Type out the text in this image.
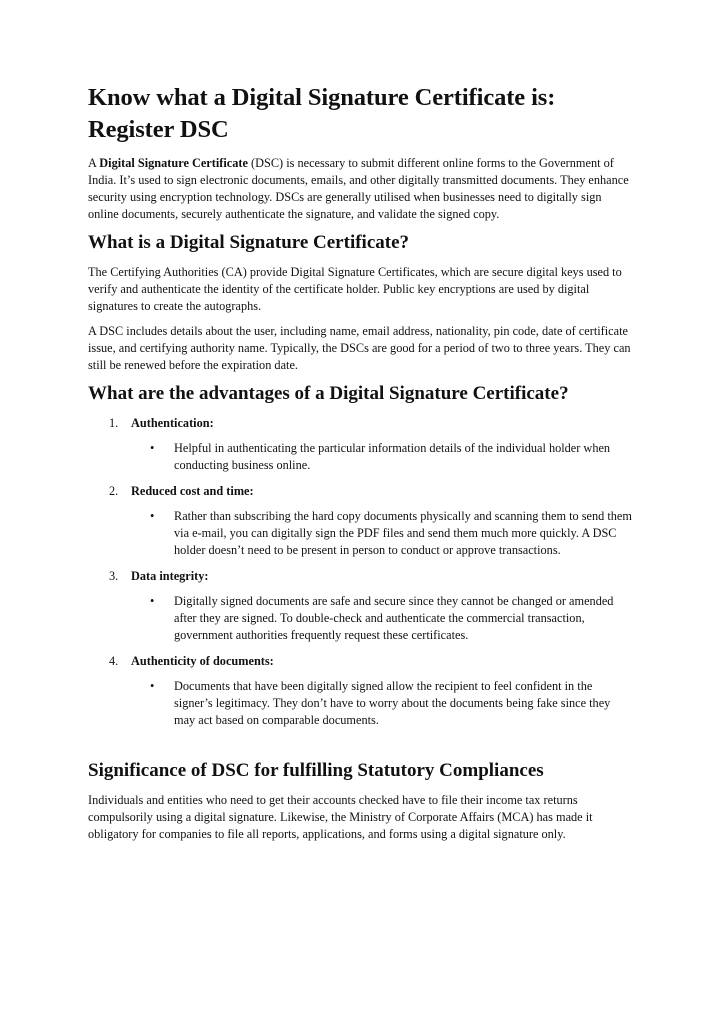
Know what a Digital Signature Certificate is: Register DSC

A Digital Signature Certificate (DSC) is necessary to submit different online forms to the Government of India. It’s used to sign electronic documents, emails, and other digitally transmitted documents. They enhance security using encryption technology. DSCs are generally utilised when businesses need to digitally sign online documents, securely authenticate the signature, and validate the signed copy.

What is a Digital Signature Certificate?

The Certifying Authorities (CA) provide Digital Signature Certificates, which are secure digital keys used to verify and authenticate the identity of the certificate holder. Public key encryptions are used by digital signatures to create the autographs.

A DSC includes details about the user, including name, email address, nationality, pin code, date of certificate issue, and certifying authority name. Typically, the DSCs are good for a period of two to three years. They can still be renewed before the expiration date.

What are the advantages of a Digital Signature Certificate?
1.	Authentication:
•	Helpful in authenticating the particular information details of the individual holder when conducting business online.
2.	Reduced cost and time:
•	Rather than subscribing the hard copy documents physically and scanning them to send them via e-mail, you can digitally sign the PDF files and send them much more quickly. A DSC holder doesn’t need to be present in person to conduct or approve transactions.
3.	Data integrity:
•	Digitally signed documents are safe and secure since they cannot be changed or amended after they are signed. To double-check and authenticate the commercial transaction, government authorities frequently request these certificates.
4.	Authenticity of documents:
•	Documents that have been digitally signed allow the recipient to feel confident in the signer’s legitimacy. They don’t have to worry about the documents being fake since they may act based on comparable documents.
Significance of DSC for fulfilling Statutory Compliances

Individuals and entities who need to get their accounts checked have to file their income tax returns compulsorily using a digital signature. Likewise, the Ministry of Corporate Affairs (MCA) has made it obligatory for companies to file all reports, applications, and forms using a digital signature only.
